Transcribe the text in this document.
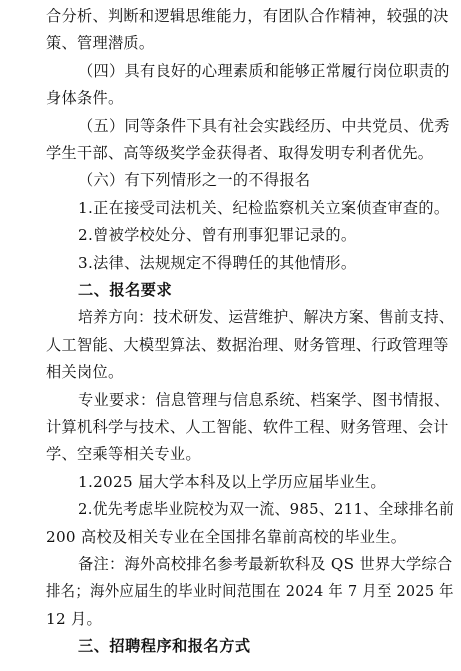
合分析、判断和逻辑思维能力，有团队合作精神，较强的决
策、管理潜质。
（四）具有良好的心理素质和能够正常履行岗位职责的
身体条件。
（五）同等条件下具有社会实践经历、中共党员、优秀
学生干部、高等级奖学金获得者、取得发明专利者优先。
（六）有下列情形之一的不得报名
1.正在接受司法机关、纪检监察机关立案侦查审查的。
2.曾被学校处分、曾有刑事犯罪记录的。
3.法律、法规规定不得聘任的其他情形。
二、报名要求
培养方向：技术研发、运营维护、解决方案、售前支持、
人工智能、大模型算法、数据治理、财务管理、行政管理等
相关岗位。
专业要求：信息管理与信息系统、档案学、图书情报、
计算机科学与技术、人工智能、软件工程、财务管理、会计
学、空乘等相关专业。
1.2025 届大学本科及以上学历应届毕业生。
2.优先考虑毕业院校为双一流、985、211、全球排名前
200 高校及相关专业在全国排名靠前高校的毕业生。
备注：海外高校排名参考最新软科及 QS 世界大学综合
排名；海外应届生的毕业时间范围在 2024 年 7 月至 2025 年
12 月。
三、招聘程序和报名方式
